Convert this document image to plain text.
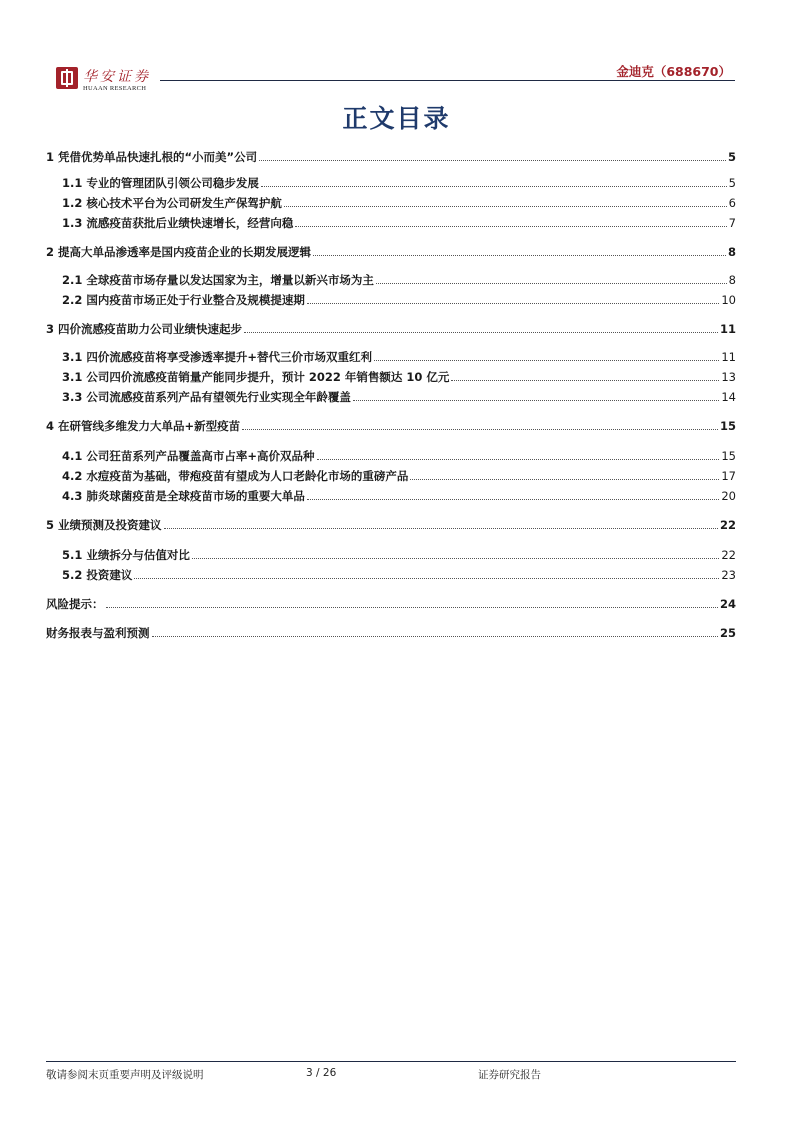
华安证券
HUAAN RESEARCH
金迪克（688670）
正文目录
1 凭借优势单品快速扎根的“小而美”公司	5
1.1 专业的管理团队引领公司稳步发展	5
1.2 核心技术平台为公司研发生产保驾护航	6
1.3 流感疫苗获批后业绩快速增长，经营向稳	7
2 提高大单品渗透率是国内疫苗企业的长期发展逻辑	8
2.1 全球疫苗市场存量以发达国家为主，增量以新兴市场为主	8
2.2 国内疫苗市场正处于行业整合及规模提速期	10
3 四价流感疫苗助力公司业绩快速起步	11
3.1 四价流感疫苗将享受渗透率提升+替代三价市场双重红利	11
3.1 公司四价流感疫苗销量产能同步提升，预计 2022 年销售额达 10 亿元	13
3.3 公司流感疫苗系列产品有望领先行业实现全年龄覆盖	14
4 在研管线多维发力大单品+新型疫苗	15
4.1 公司狂苗系列产品覆盖高市占率+高价双品种	15
4.2 水痘疫苗为基础，带疱疫苗有望成为人口老龄化市场的重磅产品	17
4.3 肺炎球菌疫苗是全球疫苗市场的重要大单品	20
5 业绩预测及投资建议	22
5.1 业绩拆分与估值对比	22
5.2 投资建议	23
风险提示：	24
财务报表与盈利预测	25
敬请参阅末页重要声明及评级说明	3 / 26	证券研究报告
